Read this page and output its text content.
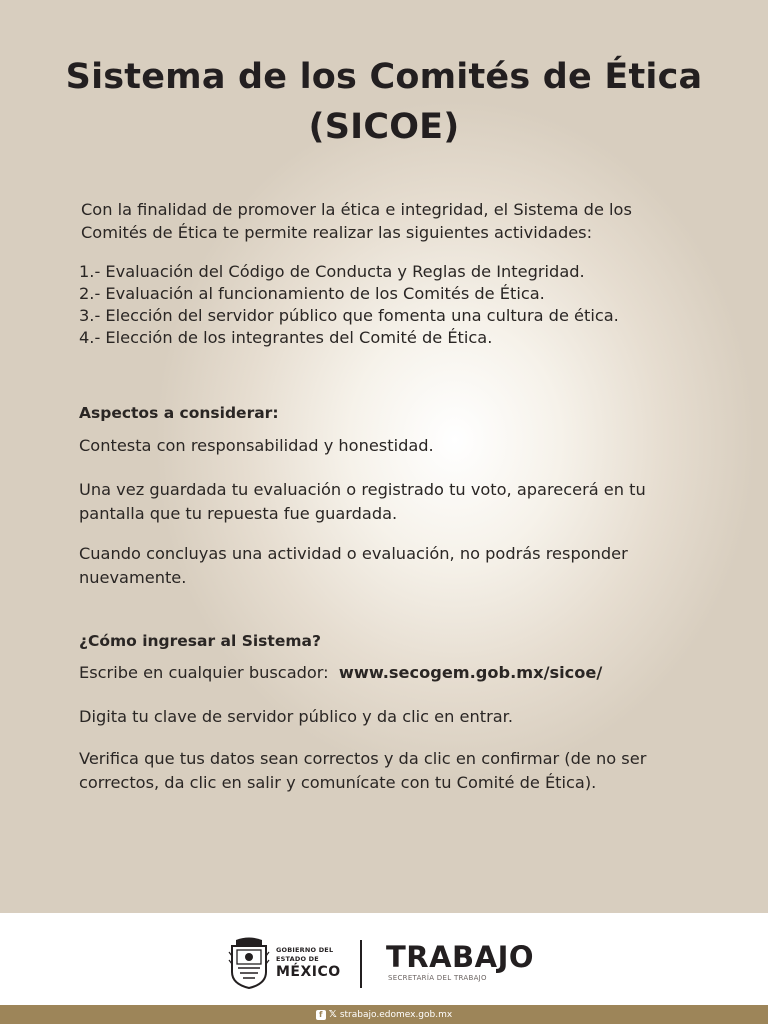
Sistema de los Comités de Ética
(SICOE)

Con la finalidad de promover la ética e integridad, el Sistema de los Comités de Ética te permite realizar las siguientes actividades:

1.- Evaluación del Código de Conducta y Reglas de Integridad.
2.- Evaluación al funcionamiento de los Comités de Ética.
3.- Elección del servidor público que fomenta una cultura de ética.
4.- Elección de los integrantes del Comité de Ética.
Aspectos a considerar:

Contesta con responsabilidad y honestidad.

Una vez guardada tu evaluación o registrado tu voto, aparecerá en tu pantalla que tu repuesta fue guardada.

Cuando concluyas una actividad o evaluación, no podrás responder nuevamente.

¿Cómo ingresar al Sistema?

Escribe en cualquier buscador: www.secogem.gob.mx/sicoe/

Digita tu clave de servidor público y da clic en entrar.

Verifica que tus datos sean correctos y da clic en confirmar (de no ser correctos, da clic en salir y comunícate con tu Comité de Ética).

GOBIERNO DEL
ESTADO DE
MÉXICO TRABAJO
SECRETARÍA DEL TRABAJO
f 𝕏 strabajo.edomex.gob.mx
